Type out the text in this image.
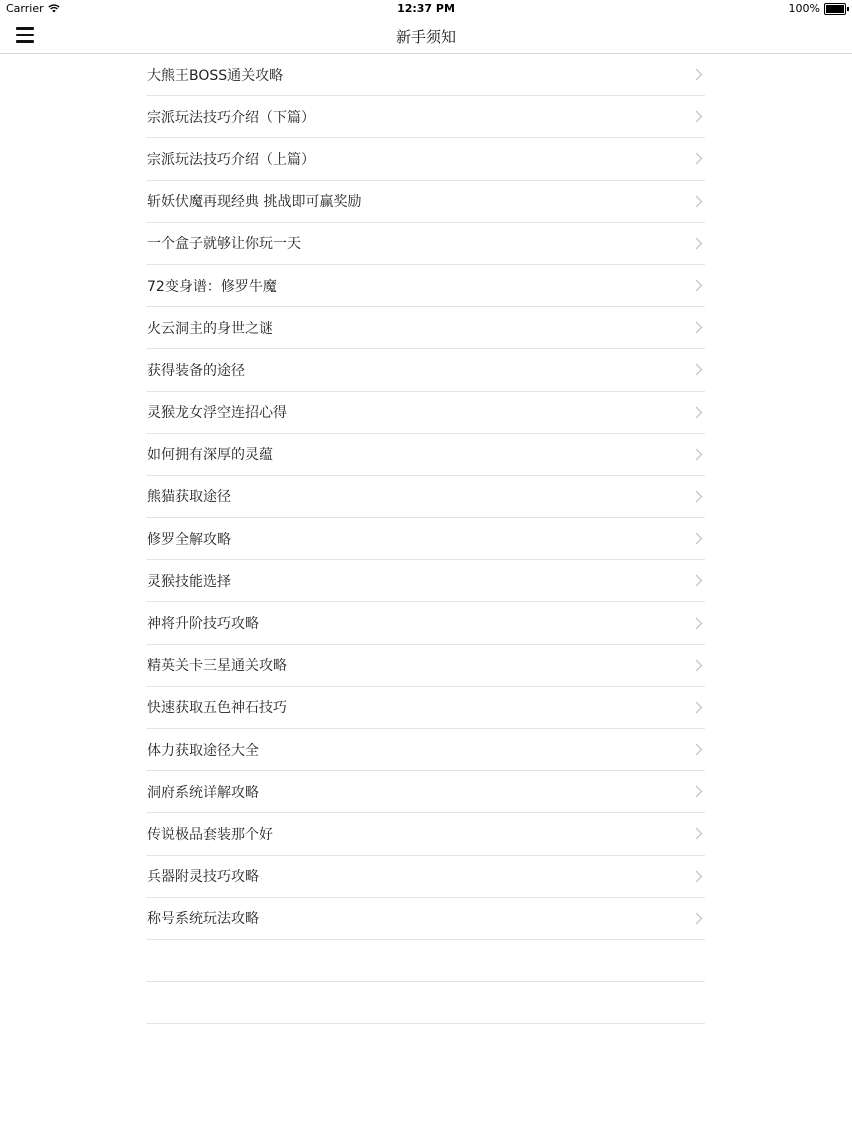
Carrier	12:37 PM	100%
新手须知
大熊王BOSS通关攻略
宗派玩法技巧介绍（下篇）
宗派玩法技巧介绍（上篇）
斩妖伏魔再现经典 挑战即可赢奖励
一个盒子就够让你玩一天
72变身谱：修罗牛魔
火云洞主的身世之谜
获得装备的途径
灵猴龙女浮空连招心得
如何拥有深厚的灵蕴
熊猫获取途径
修罗全解攻略
灵猴技能选择
神将升阶技巧攻略
精英关卡三星通关攻略
快速获取五色神石技巧
体力获取途径大全
洞府系统详解攻略
传说极品套装那个好
兵器附灵技巧攻略
称号系统玩法攻略
